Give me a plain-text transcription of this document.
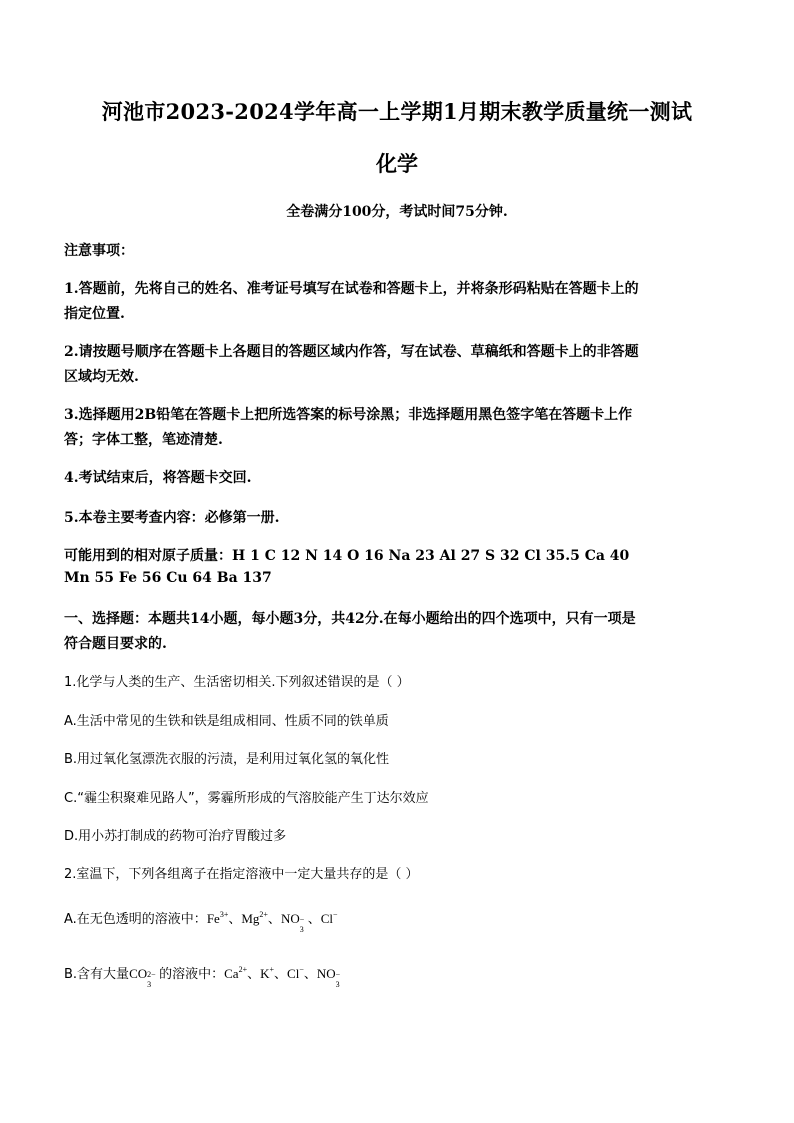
河池市2023-2024学年高一上学期1月期末教学质量统一测试
化学
全卷满分100分，考试时间75分钟.
注意事项：
1.答题前，先将自己的姓名、准考证号填写在试卷和答题卡上，并将条形码粘贴在答题卡上的
指定位置.
2.请按题号顺序在答题卡上各题目的答题区域内作答，写在试卷、草稿纸和答题卡上的非答题
区域均无效.
3.选择题用2B铅笔在答题卡上把所选答案的标号涂黑；非选择题用黑色签字笔在答题卡上作
答；字体工整，笔迹清楚.
4.考试结束后，将答题卡交回.
5.本卷主要考查内容：必修第一册.
可能用到的相对原子质量：H 1 C 12 N 14 O 16 Na 23 Al 27 S 32 Cl 35.5 Ca 40
Mn 55 Fe 56 Cu 64 Ba 137
一、选择题：本题共14小题，每小题3分，共42分.在每小题给出的四个选项中，只有一项是
符合题目要求的.
1.化学与人类的生产、生活密切相关.下列叙述错误的是（ ）
A.生活中常见的生铁和铁是组成相同、性质不同的铁单质
B.用过氧化氢漂洗衣服的污渍，是利用过氧化氢的氧化性
C.“霾尘积聚难见路人”，雾霾所形成的气溶胶能产生丁达尔效应
D.用小苏打制成的药物可治疗胃酸过多
2.室温下，下列各组离子在指定溶液中一定大量共存的是（ ）
A.在无色透明的溶液中：$Fe^{3+}$、$Mg^{2+}$、NO −
3
、Cl−
B.含有大量CO 2−
3
的溶液中：$Ca^{2+}$、K+、Cl−、NO −
3
